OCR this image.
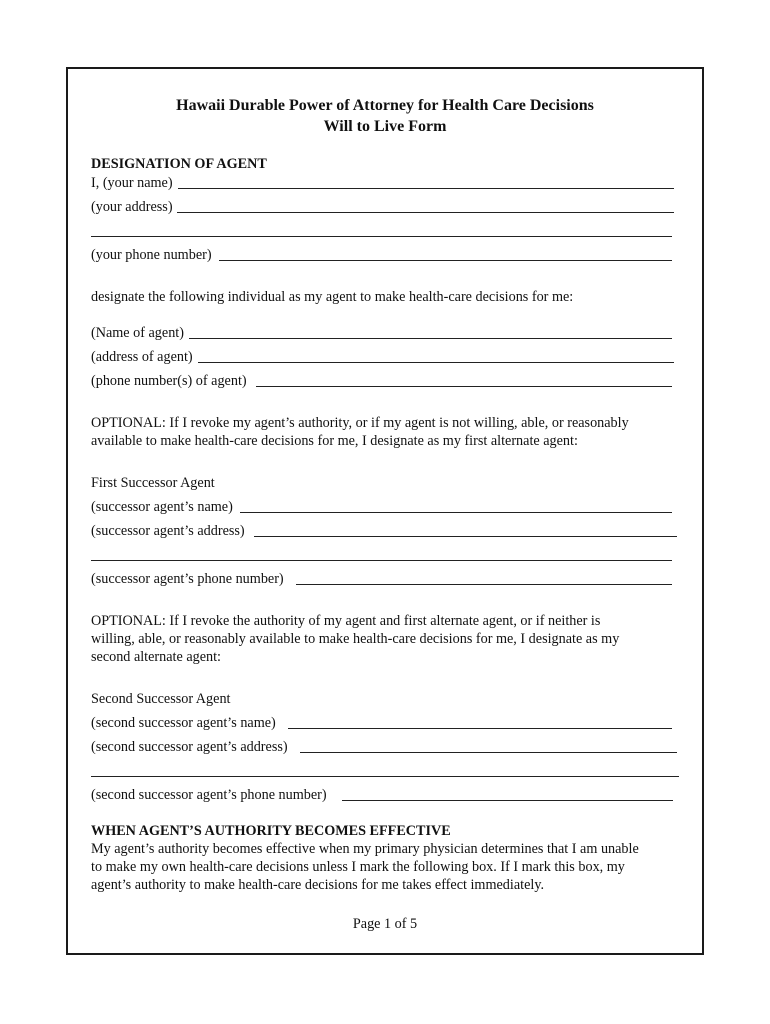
Hawaii Durable Power of Attorney for Health Care Decisions
Will to Live Form
DESIGNATION OF AGENT
I, (your name)
(your address)
(your phone number)
designate the following individual as my agent to make health-care decisions for me:
(Name of agent)
(address of agent)
(phone number(s) of agent)
OPTIONAL: If I revoke my agent’s authority, or if my agent is not willing, able, or reasonably
available to make health-care decisions for me, I designate as my first alternate agent:
First Successor Agent
(successor agent’s name)
(successor agent’s address)
(successor agent’s phone number)
OPTIONAL: If I revoke the authority of my agent and first alternate agent, or if neither is
willing, able, or reasonably available to make health-care decisions for me, I designate as my
second alternate agent:
Second Successor Agent
(second successor agent’s name)
(second successor agent’s address)
(second successor agent’s phone number)
WHEN AGENT’S AUTHORITY BECOMES EFFECTIVE
My agent’s authority becomes effective when my primary physician determines that I am unable
to make my own health-care decisions unless I mark the following box. If I mark this box, my
agent’s authority to make health-care decisions for me takes effect immediately.
Page 1 of 5
